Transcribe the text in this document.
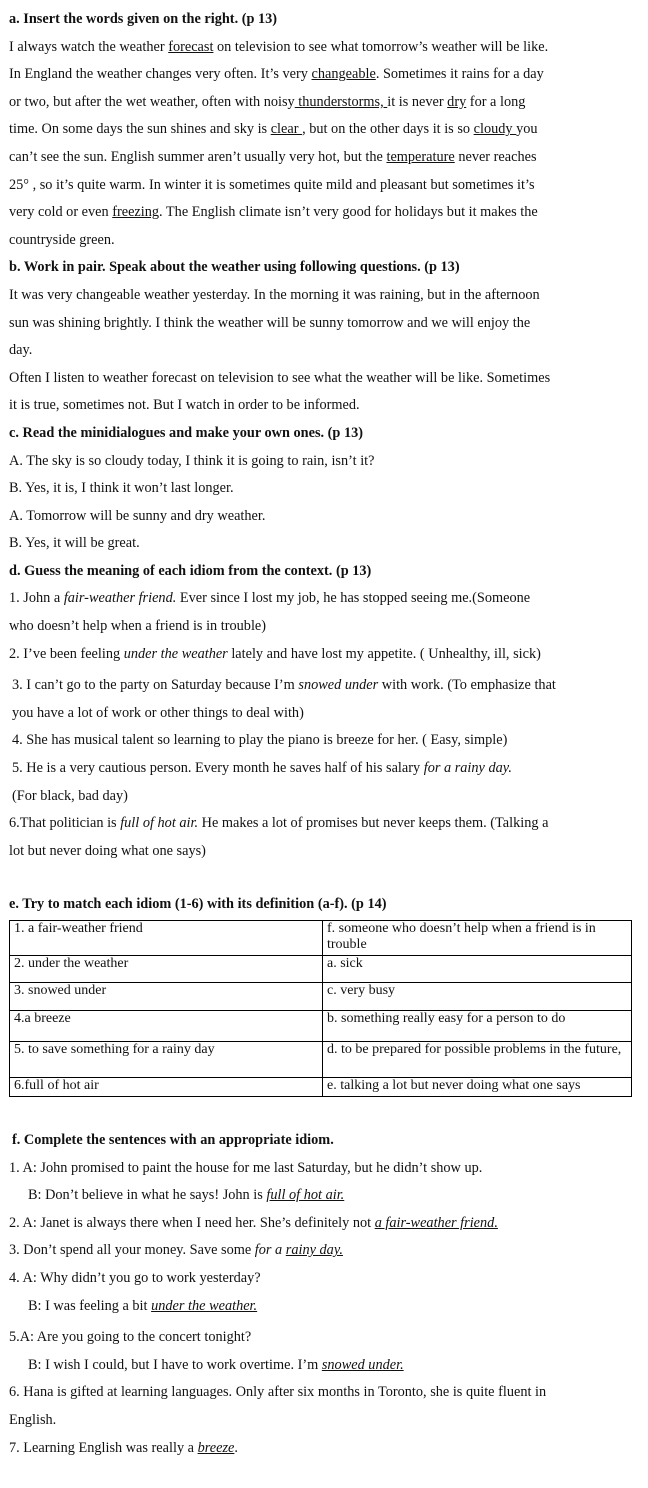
a. Insert the words given on the right. (p 13)
I always watch the weather forecast on television to see what tomorrow’s weather will be like.
In England the weather changes very often. It’s very changeable. Sometimes it rains for a day
or two, but after the wet weather, often with noisy thunderstorms, it is never dry for a long
time. On some days the sun shines and sky is clear , but on the other days it is so cloudy you
can’t see the sun. English summer aren’t usually very hot, but the temperature never reaches
25° , so it’s quite warm. In winter it is sometimes quite mild and pleasant but sometimes it’s
very cold or even freezing. The English climate isn’t very good for holidays but it makes the
countryside green.
b. Work in pair. Speak about the weather using following questions. (p 13)
It was very changeable weather yesterday. In the morning it was raining, but in the afternoon
sun was shining brightly. I think the weather will be sunny tomorrow and we will enjoy the
day.
Often I listen to weather forecast on television to see what the weather will be like. Sometimes
it is true, sometimes not. But I watch in order to be informed.
c. Read the minidialogues and make your own ones. (p 13)
A. The sky is so cloudy today, I think it is going to rain, isn’t it?
B. Yes, it is, I think it won’t last longer.
A. Tomorrow will be sunny and dry weather.
B. Yes, it will be great.
d. Guess the meaning of each idiom from the context. (p 13)
1. John a fair-weather friend. Ever since I lost my job, he has stopped seeing me.(Someone
who doesn’t help when a friend is in trouble)
2. I’ve been feeling under the weather lately and have lost my appetite. ( Unhealthy, ill, sick)
3. I can’t go to the party on Saturday because I’m snowed under with work. (To emphasize that
you have a lot of work or other things to deal with)
4. She has musical talent so learning to play the piano is breeze for her. ( Easy, simple)
5. He is a very cautious person. Every month he saves half of his salary for a rainy day.
(For black, bad day)
6.That politician is full of hot air. He makes a lot of promises but never keeps them. (Talking a
lot but never doing what one says)
e. Try to match each idiom (1-6) with its definition (a-f). (p 14)
1. a fair-weather friend	f. someone who doesn’t help when a friend is in trouble
2. under the weather	a. sick
3. snowed under	c. very busy
4.a breeze	b. something really easy for a person to do
5. to save something for a rainy day	d. to be prepared for possible problems in the future,
6.full of hot air	e. talking a lot but never doing what one says
f. Complete the sentences with an appropriate idiom.
1. A: John promised to paint the house for me last Saturday, but he didn’t show up.
B: Don’t believe in what he says! John is full of hot air.
2. A: Janet is always there when I need her. She’s definitely not a fair-weather friend.
3. Don’t spend all your money. Save some for a rainy day.
4. A: Why didn’t you go to work yesterday?
B: I was feeling a bit under the weather.
5.A: Are you going to the concert tonight?
B: I wish I could, but I have to work overtime. I’m snowed under.
6. Hana is gifted at learning languages. Only after six months in Toronto, she is quite fluent in
English.
7. Learning English was really a breeze.
